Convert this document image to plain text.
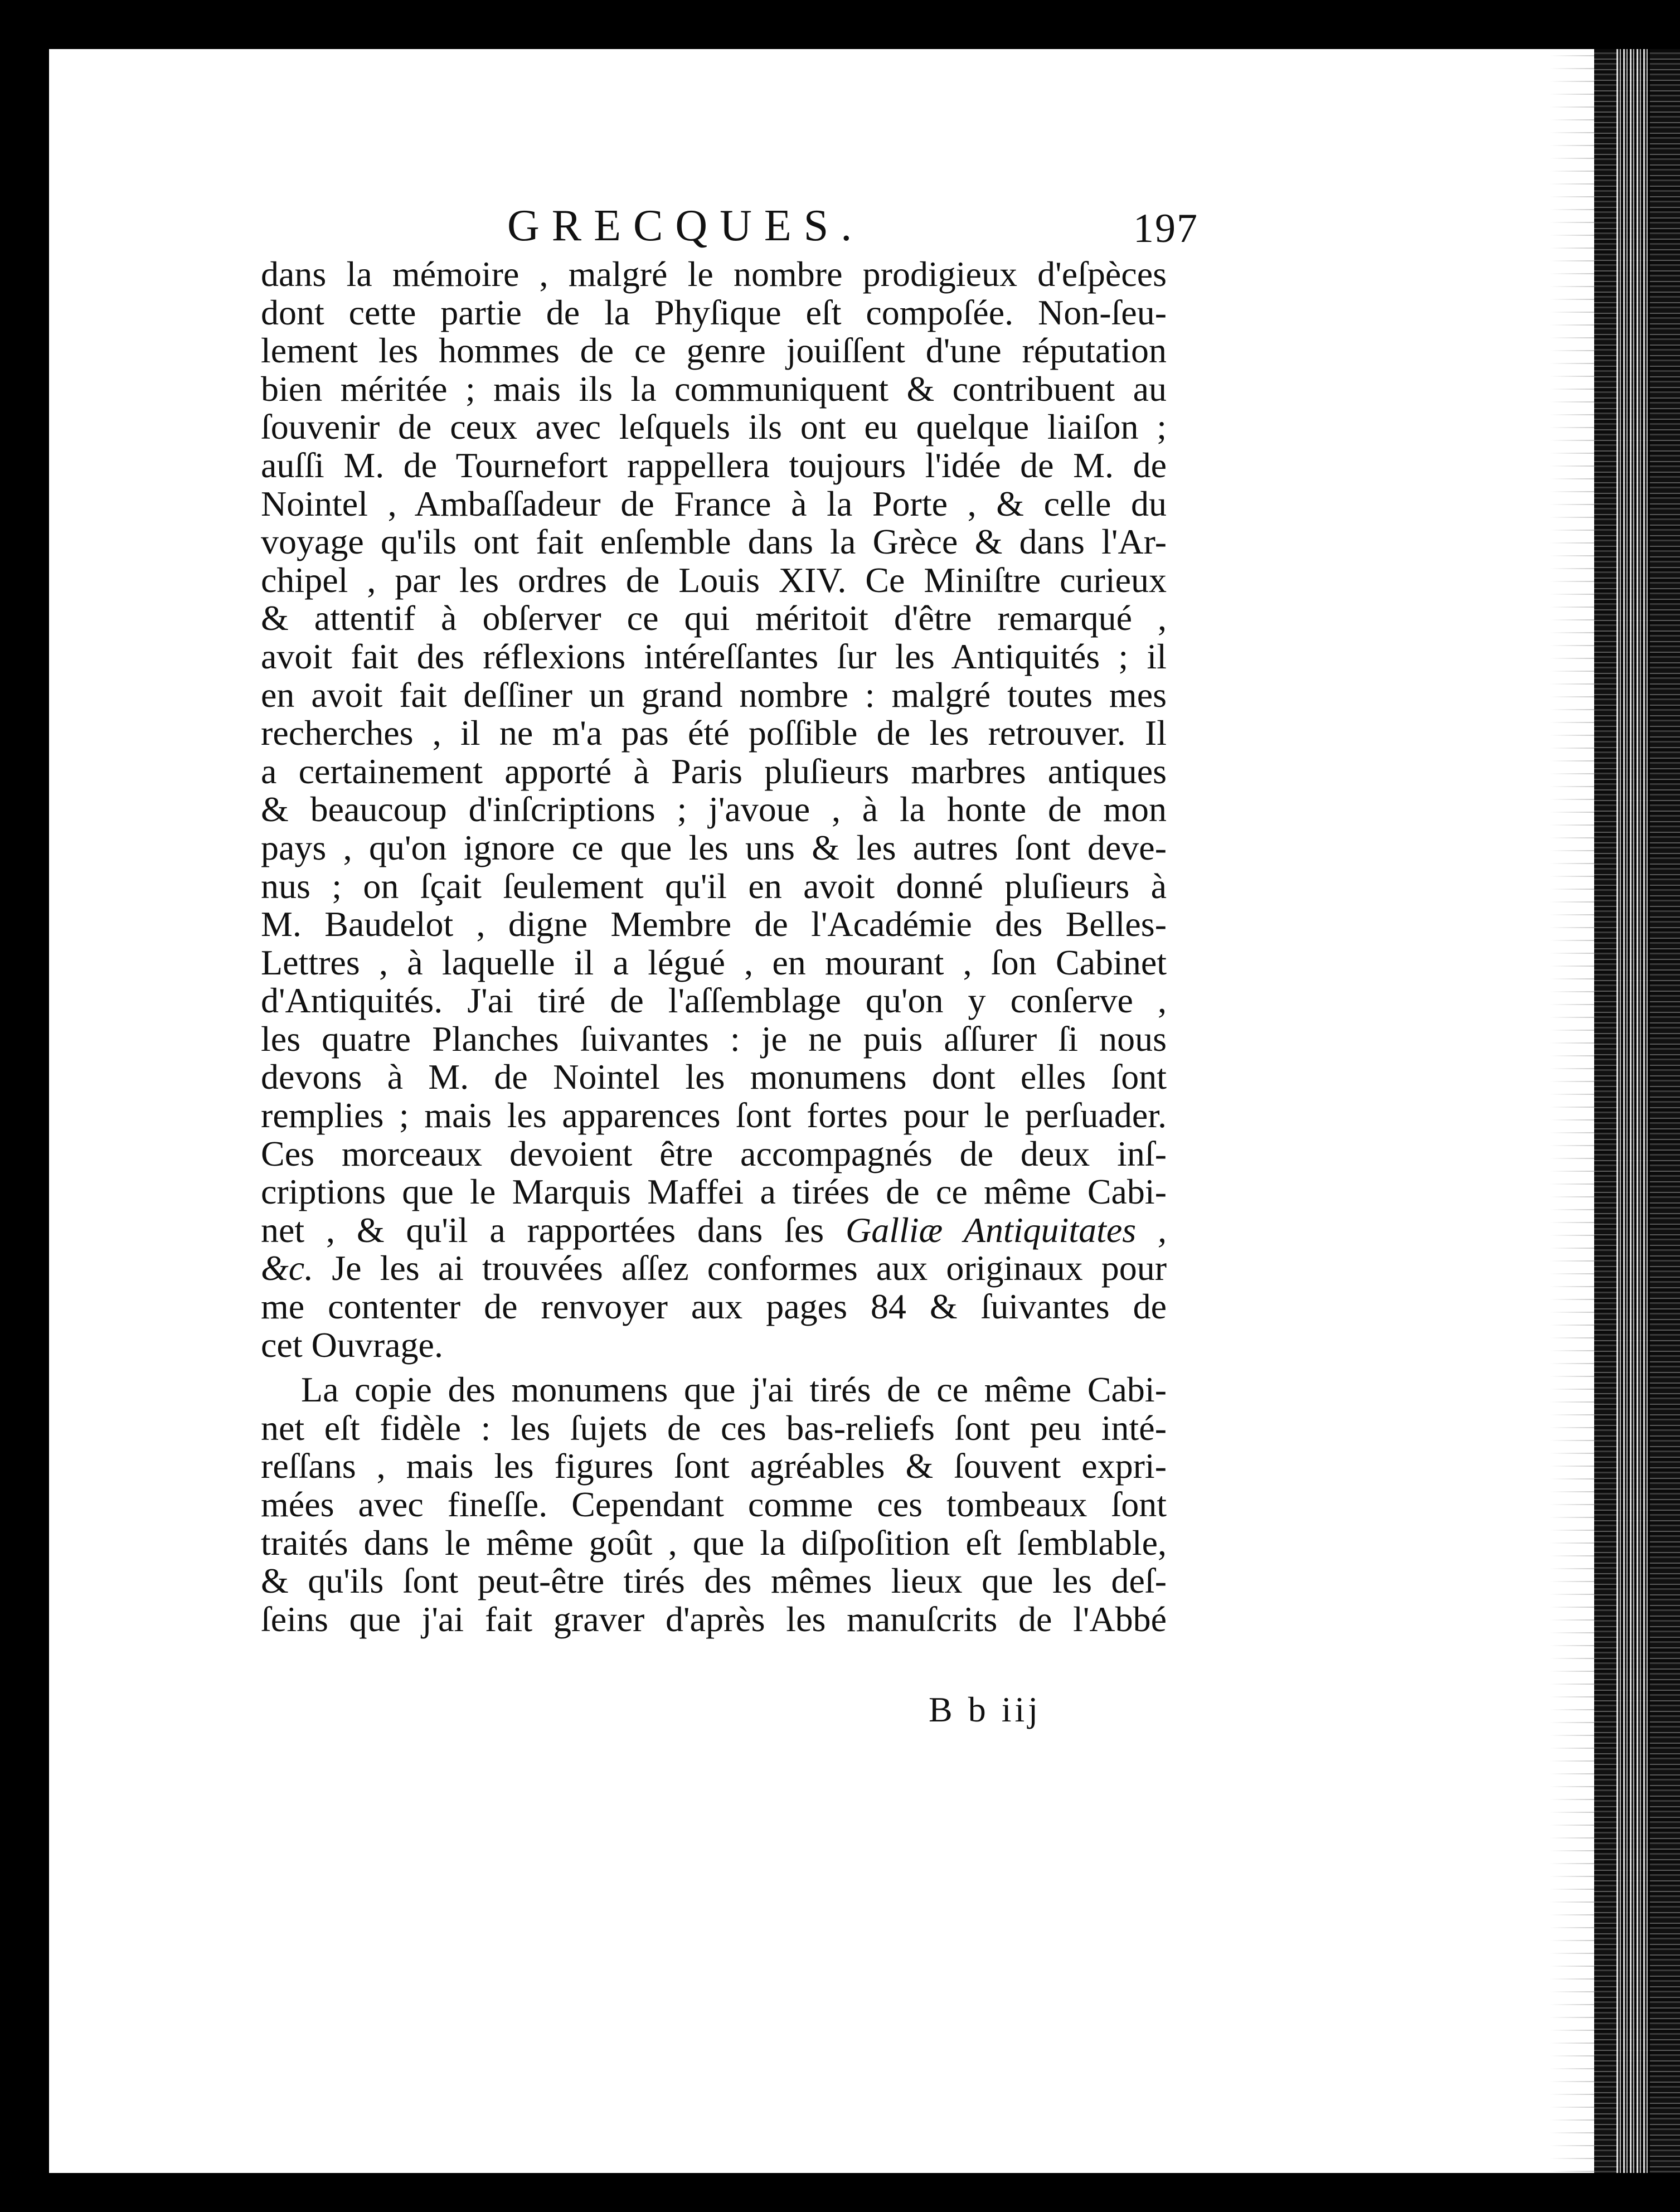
GRECQUES.	197
dans la mémoire , malgré le nombre prodigieux d'eſpèces
dont cette partie de la Phyſique eſt compoſée. Non-ſeu-
lement les hommes de ce genre jouiſſent d'une réputation
bien méritée ; mais ils la communiquent & contribuent au
ſouvenir de ceux avec leſquels ils ont eu quelque liaiſon ;
auſſi M. de Tournefort rappellera toujours l'idée de M. de
Nointel , Ambaſſadeur de France à la Porte , & celle du
voyage qu'ils ont fait enſemble dans la Grèce & dans l'Ar-
chipel , par les ordres de Louis XIV. Ce Miniſtre curieux
& attentif à obſerver ce qui méritoit d'être remarqué ,
avoit fait des réflexions intéreſſantes ſur les Antiquités ; il
en avoit fait deſſiner un grand nombre : malgré toutes mes
recherches , il ne m'a pas été poſſible de les retrouver. Il
a certainement apporté à Paris pluſieurs marbres antiques
& beaucoup d'inſcriptions ; j'avoue , à la honte de mon
pays , qu'on ignore ce que les uns & les autres ſont deve-
nus ; on ſçait ſeulement qu'il en avoit donné pluſieurs à
M. Baudelot , digne Membre de l'Académie des Belles-
Lettres , à laquelle il a légué , en mourant , ſon Cabinet
d'Antiquités. J'ai tiré de l'aſſemblage qu'on y conſerve ,
les quatre Planches ſuivantes : je ne puis aſſurer ſi nous
devons à M. de Nointel les monumens dont elles ſont
remplies ; mais les apparences ſont fortes pour le perſuader.
Ces morceaux devoient être accompagnés de deux inſ-
criptions que le Marquis Maffei a tirées de ce même Cabi-
net , & qu'il a rapportées dans ſes Galliæ Antiquitates ,
&c. Je les ai trouvées aſſez conformes aux originaux pour
me contenter de renvoyer aux pages 84 & ſuivantes de
cet Ouvrage.
La copie des monumens que j'ai tirés de ce même Cabi-
net eſt fidèle : les ſujets de ces bas-reliefs ſont peu inté-
reſſans , mais les figures ſont agréables & ſouvent expri-
mées avec fineſſe. Cependant comme ces tombeaux ſont
traités dans le même goût , que la diſpoſition eſt ſemblable,
& qu'ils ſont peut-être tirés des mêmes lieux que les deſ-
ſeins que j'ai fait graver d'après les manuſcrits de l'Abbé
B b iij
